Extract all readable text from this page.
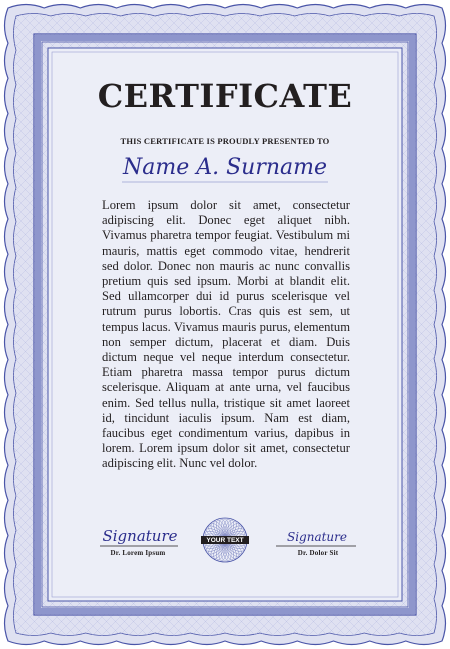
CERTIFICATE

THIS CERTIFICATE IS PROUDLY PRESENTED TO

Name A. Surname

Lorem ipsum dolor sit amet, consectetur adipiscing elit. Donec eget aliquet nibh. Vivamus pharetra tempor feugiat. Vestibulum mi mauris, mattis eget commodo vitae, hendrerit sed dolor. Donec non mauris ac nunc convallis pretium quis sed ipsum. Morbi at blandit elit. Sed ullamcorper dui id purus scelerisque vel rutrum purus lobortis. Cras quis est sem, ut tempus lacus. Vivamus mauris purus, elementum non semper dictum, placerat et diam. Duis dictum neque vel neque interdum consectetur. Etiam pharetra massa tempor purus dictum scelerisque. Aliquam at ante urna, vel faucibus enim. Sed tellus nulla, tristique sit amet laoreet id, tincidunt iaculis ipsum. Nam est diam, faucibus eget condimentum varius, dapibus in lorem. Lorem ipsum dolor sit amet, consectetur adipiscing elit. Nunc vel dolor.

Signature
Dr. Lorem Ipsum
YOUR TEXT	Signature
Dr. Dolor Sit
